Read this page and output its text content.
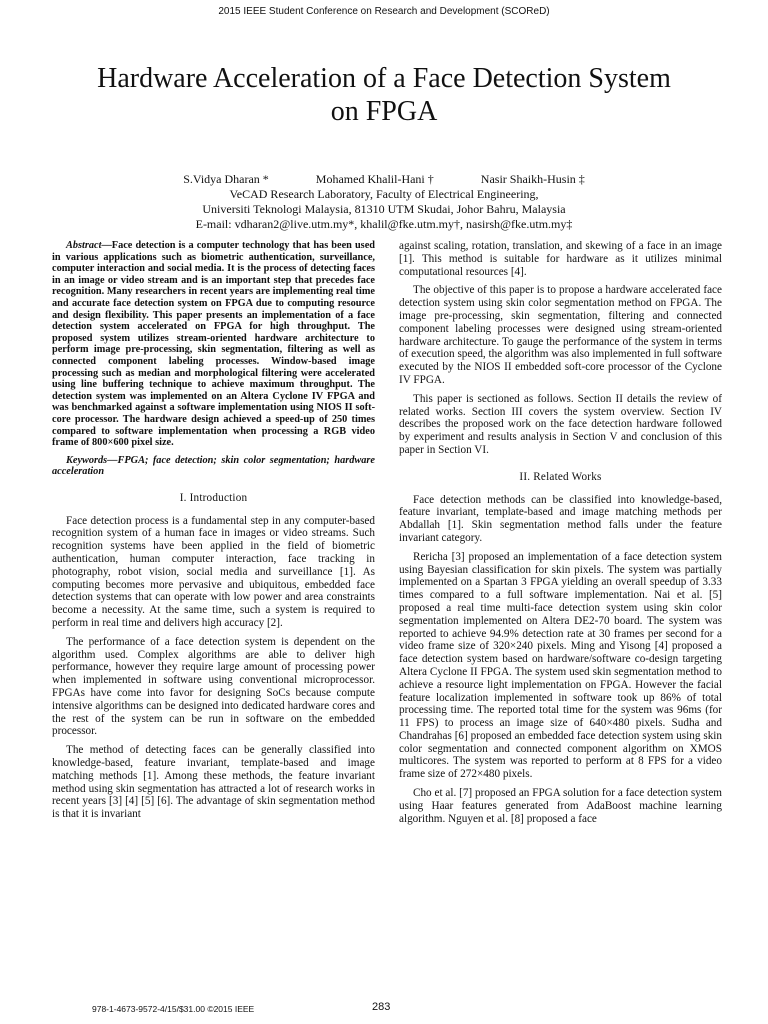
2015 IEEE Student Conference on Research and Development (SCOReD)
Hardware Acceleration of a Face Detection System
on FPGA
S.Vidya Dharan *	Mohamed Khalil-Hani †	Nasir Shaikh-Husin ‡
VeCAD Research Laboratory, Faculty of Electrical Engineering,
Universiti Teknologi Malaysia, 81310 UTM Skudai, Johor Bahru, Malaysia
E-mail: vdharan2@live.utm.my*, khalil@fke.utm.my†, nasirsh@fke.utm.my‡

Abstract—Face detection is a computer technology that has been used in various applications such as biometric authentication, surveillance, computer interaction and social media. It is the process of detecting faces in an image or video stream and is an important step that precedes face recognition. Many researchers in recent years are implementing real time and accurate face detection system on FPGA due to computing resource and design flexibility. This paper presents an implementation of a face detection system accelerated on FPGA for high throughput. The proposed system utilizes stream-oriented hardware architecture to perform image pre-processing, skin segmentation, filtering as well as connected component labeling processes. Window-based image processing such as median and morphological filtering were accelerated using line buffering technique to achieve maximum throughput. The detection system was implemented on an Altera Cyclone IV FPGA and was benchmarked against a software implementation using NIOS II soft-core processor. The hardware design achieved a speed-up of 250 times compared to software implementation when processing a RGB video frame of 800×600 pixel size.

Keywords—FPGA; face detection; skin color segmentation; hardware acceleration

I. Introduction

Face detection process is a fundamental step in any computer-based recognition system of a human face in images or video streams. Such recognition systems have been applied in the field of biometric authentication, human computer interaction, face tracking in photography, robot vision, social media and surveillance [1]. As computing becomes more pervasive and ubiquitous, embedded face detection systems that can operate with low power and area constraints become a necessity. At the same time, such a system is required to perform in real time and delivers high accuracy [2].

The performance of a face detection system is dependent on the algorithm used. Complex algorithms are able to deliver high performance, however they require large amount of processing power when implemented in software using conventional microprocessor. FPGAs have come into favor for designing SoCs because compute intensive algorithms can be designed into dedicated hardware cores and the rest of the system can be run in software on the embedded processor.

The method of detecting faces can be generally classified into knowledge-based, feature invariant, template-based and image matching methods [1]. Among these methods, the feature invariant method using skin segmentation has attracted a lot of research works in recent years [3] [4] [5] [6]. The advantage of skin segmentation method is that it is invariant

against scaling, rotation, translation, and skewing of a face in an image [1]. This method is suitable for hardware as it utilizes minimal computational resources [4].

The objective of this paper is to propose a hardware accelerated face detection system using skin color segmentation method on FPGA. The image pre-processing, skin segmentation, filtering and connected component labeling processes were designed using stream-oriented hardware architecture. To gauge the performance of the system in terms of execution speed, the algorithm was also implemented in full software executed by the NIOS II embedded soft-core processor of the Cyclone IV FPGA.

This paper is sectioned as follows. Section II details the review of related works. Section III covers the system overview. Section IV describes the proposed work on the face detection hardware followed by experiment and results analysis in Section V and conclusion of this paper in Section VI.

II. Related Works

Face detection methods can be classified into knowledge-based, feature invariant, template-based and image matching methods per Abdallah [1]. Skin segmentation method falls under the feature invariant category.

Rericha [3] proposed an implementation of a face detection system using Bayesian classification for skin pixels. The system was partially implemented on a Spartan 3 FPGA yielding an overall speedup of 3.33 times compared to a full software implementation. Nai et al. [5] proposed a real time multi-face detection system using skin color segmentation implemented on Altera DE2-70 board. The system was reported to achieve 94.9% detection rate at 30 frames per second for a video frame size of 320×240 pixels. Ming and Yisong [4] proposed a face detection system based on hardware/software co-design targeting Altera Cyclone II FPGA. The system used skin segmentation method to achieve a resource light implementation on FPGA. However the facial feature localization implemented in software took up 86% of total processing time. The reported total time for the system was 96ms (for 11 FPS) to process an image size of 640×480 pixels. Sudha and Chandrahas [6] proposed an embedded face detection system using skin color segmentation and connected component algorithm on XMOS multicores. The system was reported to perform at 8 FPS for a video frame size of 272×480 pixels.

Cho et al. [7] proposed an FPGA solution for a face detection system using Haar features generated from AdaBoost machine learning algorithm. Nguyen et al. [8] proposed a face

978-1-4673-9572-4/15/$31.00 ©2015 IEEE	283
